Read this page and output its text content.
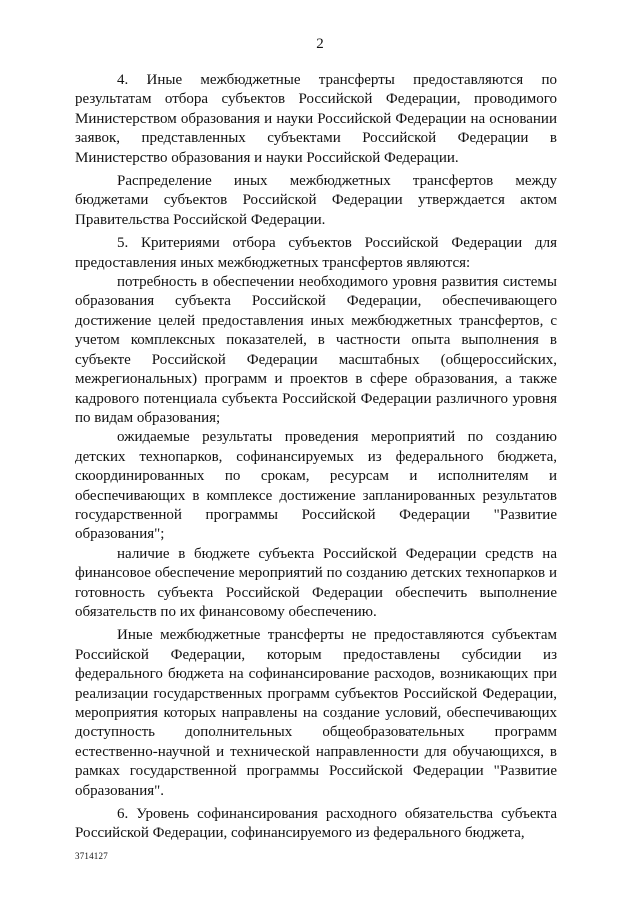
2

4. Иные межбюджетные трансферты предоставляются по результатам отбора субъектов Российской Федерации, проводимого Министерством образования и науки Российской Федерации на основании заявок, представленных субъектами Российской Федерации в Министерство образования и науки Российской Федерации.

Распределение иных межбюджетных трансфертов между бюджетами субъектов Российской Федерации утверждается актом Правительства Российской Федерации.

5. Критериями отбора субъектов Российской Федерации для предоставления иных межбюджетных трансфертов являются:

потребность в обеспечении необходимого уровня развития системы образования субъекта Российской Федерации, обеспечивающего достижение целей предоставления иных межбюджетных трансфертов, с учетом комплексных показателей, в частности опыта выполнения в субъекте Российской Федерации масштабных (общероссийских, межрегиональных) программ и проектов в сфере образования, а также кадрового потенциала субъекта Российской Федерации различного уровня по видам образования;

ожидаемые результаты проведения мероприятий по созданию детских технопарков, софинансируемых из федерального бюджета, скоординированных по срокам, ресурсам и исполнителям и обеспечивающих в комплексе достижение запланированных результатов государственной программы Российской Федерации "Развитие образования";

наличие в бюджете субъекта Российской Федерации средств на финансовое обеспечение мероприятий по созданию детских технопарков и готовность субъекта Российской Федерации обеспечить выполнение обязательств по их финансовому обеспечению.

Иные межбюджетные трансферты не предоставляются субъектам Российской Федерации, которым предоставлены субсидии из федерального бюджета на софинансирование расходов, возникающих при реализации государственных программ субъектов Российской Федерации, мероприятия которых направлены на создание условий, обеспечивающих доступность дополнительных общеобразовательных программ естественно-научной и технической направленности для обучающихся, в рамках государственной программы Российской Федерации "Развитие образования".

6. Уровень софинансирования расходного обязательства субъекта Российской Федерации, софинансируемого из федерального бюджета,

3714127
